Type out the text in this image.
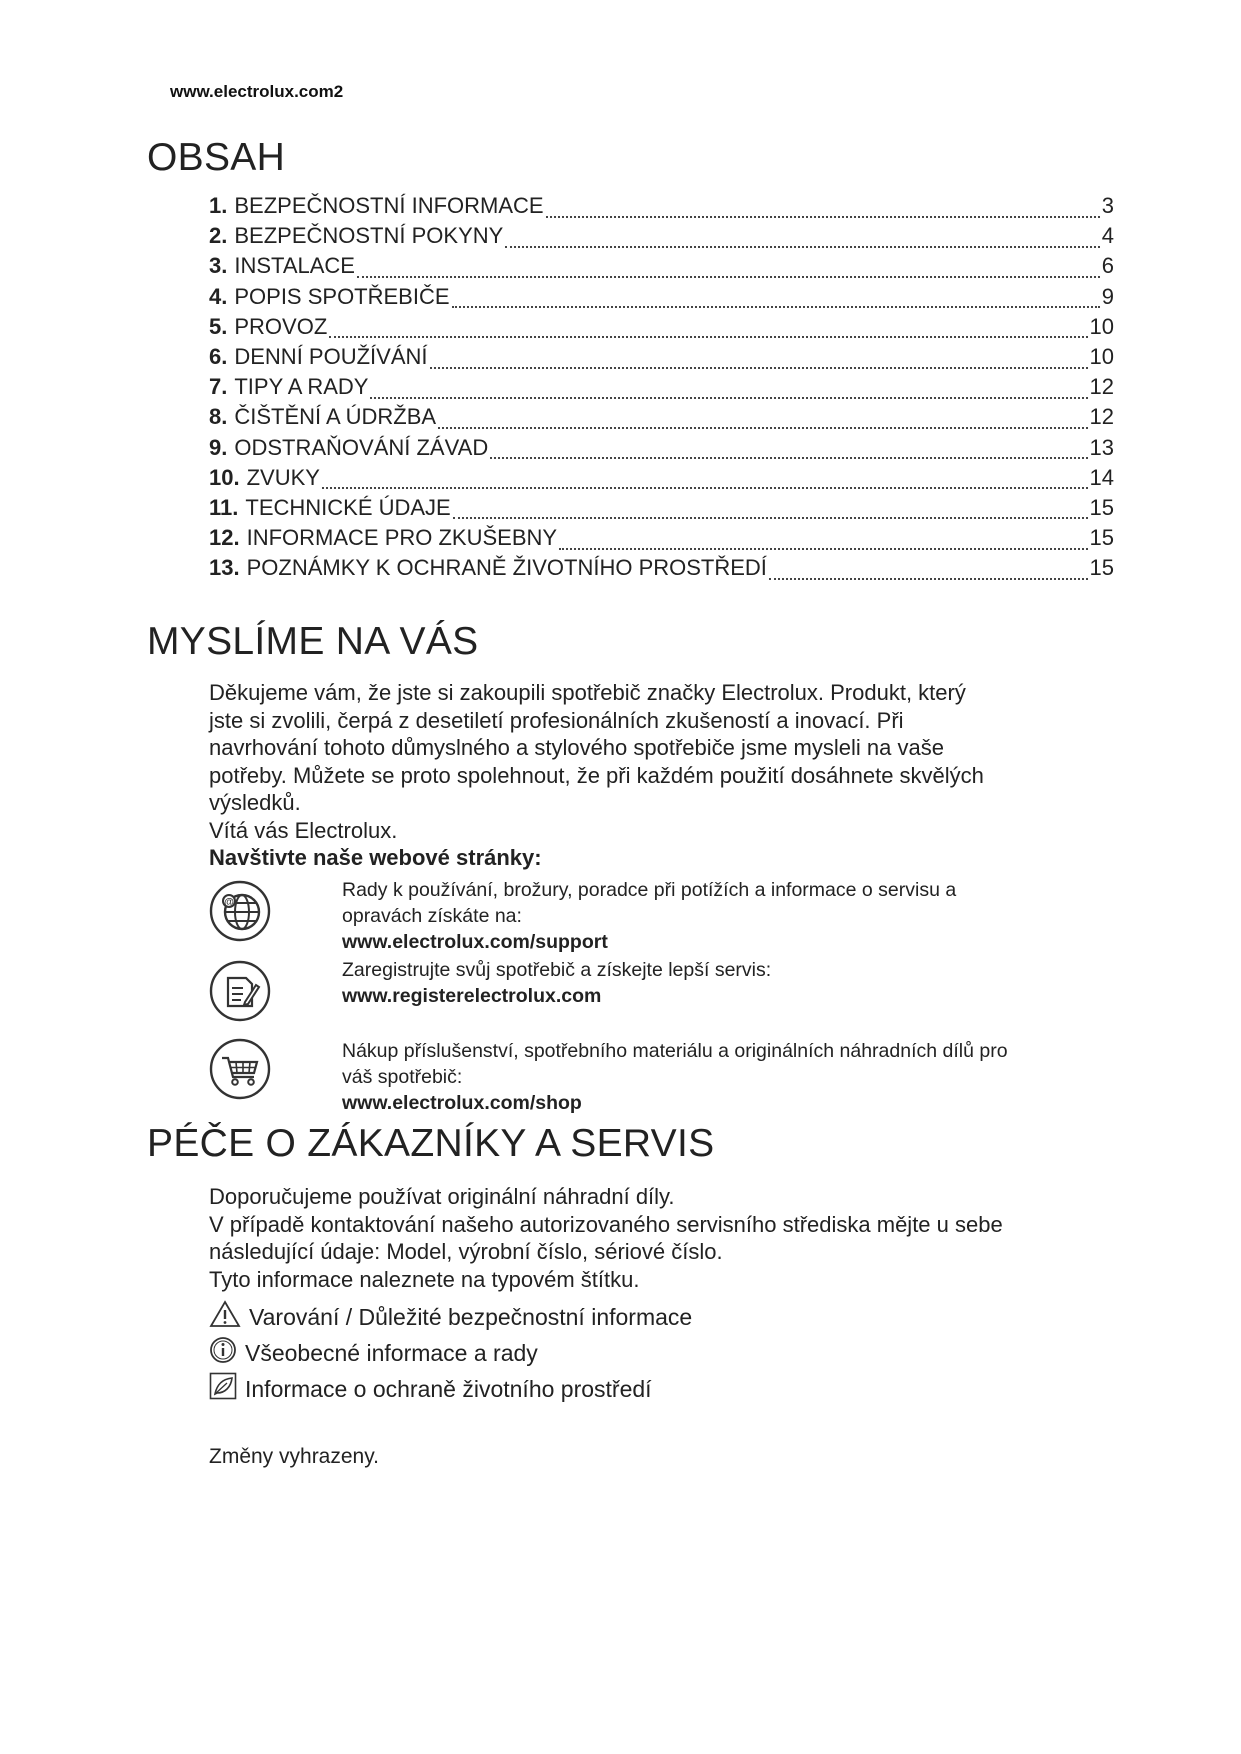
www.electrolux.com2
OBSAH
1. BEZPEČNOSTNÍ INFORMACE	3
2. BEZPEČNOSTNÍ POKYNY	4
3. INSTALACE	6
4. POPIS SPOTŘEBIČE	9
5. PROVOZ	10
6. DENNÍ POUŽÍVÁNÍ	10
7. TIPY A RADY	12
8. ČIŠTĚNÍ A ÚDRŽBA	12
9. ODSTRAŇOVÁNÍ ZÁVAD	13
10. ZVUKY	14
11. TECHNICKÉ ÚDAJE	15
12. INFORMACE PRO ZKUŠEBNY	15
13. POZNÁMKY K OCHRANĚ ŽIVOTNÍHO PROSTŘEDÍ	15
MYSLÍME NA VÁS

Děkujeme vám, že jste si zakoupili spotřebič značky Electrolux. Produkt, který

jste si zvolili, čerpá z desetiletí profesionálních zkušeností a inovací. Při

navrhování tohoto důmyslného a stylového spotřebiče jsme mysleli na vaše

potřeby. Můžete se proto spolehnout, že při každém použití dosáhnete skvělých

výsledků.

Vítá vás Electrolux.

Navštivte naše webové stránky:

@
Rady k používání, brožury, poradce při potížích a informace o servisu a
opravách získáte na:
www.electrolux.com/support
Zaregistrujte svůj spotřebič a získejte lepší servis:
www.registerelectrolux.com
Nákup příslušenství, spotřebního materiálu a originálních náhradních dílů pro
váš spotřebič:
www.electrolux.com/shop
PÉČE O ZÁKAZNÍKY A SERVIS

Doporučujeme používat originální náhradní díly.

V případě kontaktování našeho autorizovaného servisního střediska mějte u sebe

následující údaje: Model, výrobní číslo, sériové číslo.

Tyto informace naleznete na typovém štítku.

Varování / Důležité bezpečnostní informace
Všeobecné informace a rady
Informace o ochraně životního prostředí
Změny vyhrazeny.
